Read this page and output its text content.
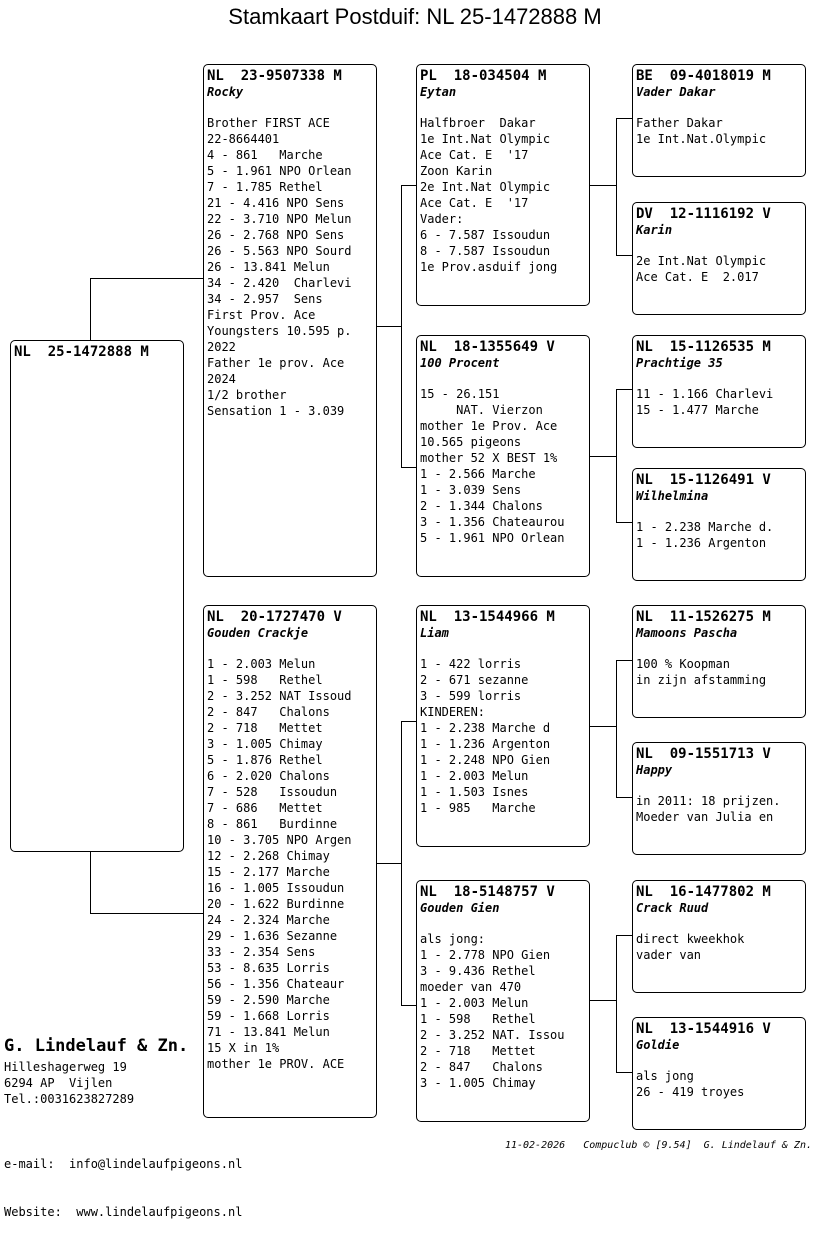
Stamkaart Postduif: NL 25-1472888 M
NL  25-1472888 M
NL  23-9507338 M
Rocky
Brother FIRST ACE
22-8664401
4 - 861   Marche
5 - 1.961 NPO Orlean
7 - 1.785 Rethel
21 - 4.416 NPO Sens
22 - 3.710 NPO Melun
26 - 2.768 NPO Sens
26 - 5.563 NPO Sourd
26 - 13.841 Melun
34 - 2.420  Charlevi
34 - 2.957  Sens
First Prov. Ace
Youngsters 10.595 p.
2022
Father 1e prov. Ace
2024
1/2 brother
Sensation 1 - 3.039
NL  20-1727470 V
Gouden Crackje
1 - 2.003 Melun
1 - 598   Rethel
2 - 3.252 NAT Issoud
2 - 847   Chalons
2 - 718   Mettet
3 - 1.005 Chimay
5 - 1.876 Rethel
6 - 2.020 Chalons
7 - 528   Issoudun
7 - 686   Mettet
8 - 861   Burdinne
10 - 3.705 NPO Argen
12 - 2.268 Chimay
15 - 2.177 Marche
16 - 1.005 Issoudun
20 - 1.622 Burdinne
24 - 2.324 Marche
29 - 1.636 Sezanne
33 - 2.354 Sens
53 - 8.635 Lorris
56 - 1.356 Chateaur
59 - 2.590 Marche
59 - 1.668 Lorris
71 - 13.841 Melun
15 X in 1%
mother 1e PROV. ACE
PL  18-034504 M
Eytan
Halfbroer  Dakar
1e Int.Nat Olympic
Ace Cat. E  '17
Zoon Karin
2e Int.Nat Olympic
Ace Cat. E  '17
Vader:
6 - 7.587 Issoudun
8 - 7.587 Issoudun
1e Prov.asduif jong
NL  18-1355649 V
100 Procent
15 - 26.151
NAT. Vierzon
mother 1e Prov. Ace
10.565 pigeons
mother 52 X BEST 1%
1 - 2.566 Marche
1 - 3.039 Sens
2 - 1.344 Chalons
3 - 1.356 Chateaurou
5 - 1.961 NPO Orlean
NL  13-1544966 M
Liam
1 - 422 lorris
2 - 671 sezanne
3 - 599 lorris
KINDEREN:
1 - 2.238 Marche d
1 - 1.236 Argenton
1 - 2.248 NPO Gien
1 - 2.003 Melun
1 - 1.503 Isnes
1 - 985   Marche
NL  18-5148757 V
Gouden Gien
als jong:
1 - 2.778 NPO Gien
3 - 9.436 Rethel
moeder van 470
1 - 2.003 Melun
1 - 598   Rethel
2 - 3.252 NAT. Issou
2 - 718   Mettet
2 - 847   Chalons
3 - 1.005 Chimay
BE  09-4018019 M
Vader Dakar
Father Dakar
1e Int.Nat.Olympic
DV  12-1116192 V
Karin
2e Int.Nat Olympic
Ace Cat. E  2.017
NL  15-1126535 M
Prachtige 35
11 - 1.166 Charlevi
15 - 1.477 Marche
NL  15-1126491 V
Wilhelmina
1 - 2.238 Marche d.
1 - 1.236 Argenton
NL  11-1526275 M
Mamoons Pascha
100 % Koopman
in zijn afstamming
NL  09-1551713 V
Happy
in 2011: 18 prijzen.
Moeder van Julia en
NL  16-1477802 M
Crack Ruud
direct kweekhok
vader van
NL  13-1544916 V
Goldie
als jong
26 - 419 troyes
G. Lindelauf & Zn.
Hilleshagerweg 19
6294 AP  Vijlen
Tel.:0031623827289

e-mail:  info@lindelaufpigeons.nl

Website:  www.lindelaufpigeons.nl

11-02-2026   Compuclub © [9.54]  G. Lindelauf & Zn.
